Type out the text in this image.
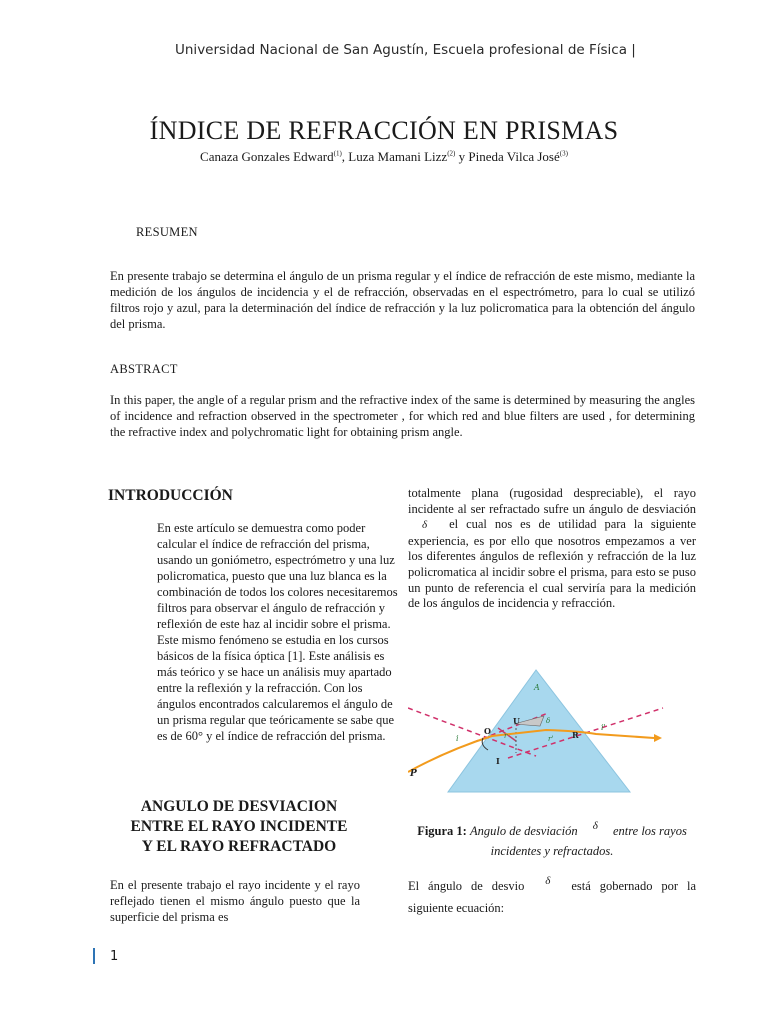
Universidad Nacional de San Agustín, Escuela profesional de Física |
ÍNDICE DE REFRACCIÓN EN PRISMAS
Canaza Gonzales Edward$^{(1)}$, Luza Mamani Lizz$^{(2)}$ y Pineda Vilca José$^{(3)}$
RESUMEN
En presente trabajo se determina el ángulo de un prisma regular y el índice de refracción de este mismo, mediante la medición de los ángulos de incidencia y el de refracción, observadas en el espectrómetro, para lo cual se utilizó filtros rojo y azul, para la determinación del índice de refracción y la luz policromatica para la obtención del ángulo del prisma.
ABSTRACT
In this paper, the angle of a regular prism and the refractive index of the same is determined by measuring the angles of incidence and refraction observed in the spectrometer , for which red and blue filters are used , for determining the refractive index and polychromatic light for obtaining prism angle.
INTRODUCCIÓN
En este artículo se demuestra como poder calcular el índice de refracción del prisma, usando un goniómetro, espectrómetro y una luz policromatica, puesto que una luz blanca es la combinación de todos los colores necesitaremos filtros para observar el ángulo de refracción y reflexión de este haz al incidir sobre el prisma. Este mismo fenómeno se estudia en los cursos básicos de la física óptica [1]. Este análisis es más teórico y se hace un análisis muy apartado entre la reflexión y la refracción. Con los ángulos encontrados calcularemos el ángulo de un prisma regular que teóricamente se sabe que es de 60° y el índice de refracción del prisma.
ANGULO DE DESVIACION
ENTRE EL RAYO INCIDENTE
Y EL RAYO REFRACTADO
En el presente trabajo el rayo incidente y el rayo reflejado tienen el mismo ángulo puesto que la superficie del prisma es
totalmente plana (rugosidad despreciable), el rayo incidente al ser refractado sufre un ángulo de desviación δ el cual nos es de utilidad para la siguiente experiencia, es por ello que nosotros empezamos a ver los diferentes ángulos de reflexión y refracción de la luz policromatica al incidir sobre el prisma, para esto se puso un punto de referencia el cual serviría para la medición de los ángulos de incidencia y refracción.
A
O
U
R
I
P
i	r	r'
i'
δ
Figura 1: Angulo de desviación δ entre los rayos incidentes y refractados.
El ángulo de desvio δ está gobernado por la siguiente ecuación:
1
